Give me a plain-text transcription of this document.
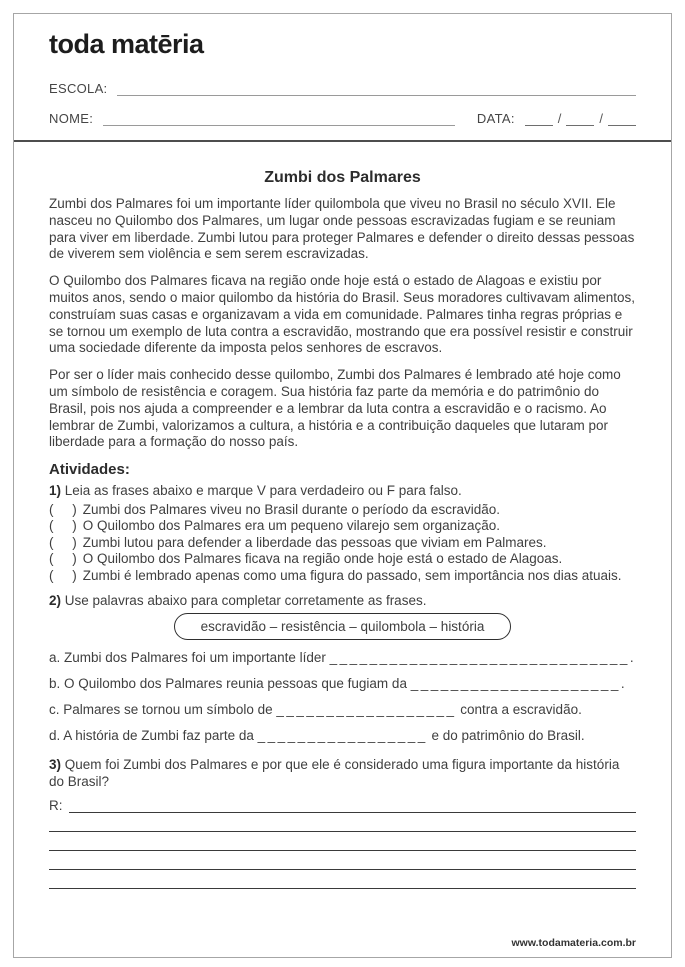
toda matēria
ESCOLA:
NOME:	DATA:	/	/
Zumbi dos Palmares

Zumbi dos Palmares foi um importante líder quilombola que viveu no Brasil no século XVII. Ele nasceu no Quilombo dos Palmares, um lugar onde pessoas escravizadas fugiam e se reuniam para viver em liberdade. Zumbi lutou para proteger Palmares e defender o direito dessas pessoas de viverem sem violência e sem serem escravizadas.

O Quilombo dos Palmares ficava na região onde hoje está o estado de Alagoas e existiu por muitos anos, sendo o maior quilombo da história do Brasil. Seus moradores cultivavam alimentos, construíam suas casas e organizavam a vida em comunidade. Palmares tinha regras próprias e se tornou um exemplo de luta contra a escravidão, mostrando que era possível resistir e construir uma sociedade diferente da imposta pelos senhores de escravos.

Por ser o líder mais conhecido desse quilombo, Zumbi dos Palmares é lembrado até hoje como um símbolo de resistência e coragem. Sua história faz parte da memória e do patrimônio do Brasil, pois nos ajuda a compreender e a lembrar da luta contra a escravidão e o racismo. Ao lembrar de Zumbi, valorizamos a cultura, a história e a contribuição daqueles que lutaram por liberdade para a formação do nosso país.

Atividades:
1) Leia as frases abaixo e marque V para verdadeiro ou F para falso.
(     ) Zumbi dos Palmares viveu no Brasil durante o período da escravidão.
(     ) O Quilombo dos Palmares era um pequeno vilarejo sem organização.
(     ) Zumbi lutou para defender a liberdade das pessoas que viviam em Palmares.
(     ) O Quilombo dos Palmares ficava na região onde hoje está o estado de Alagoas.
(     ) Zumbi é lembrado apenas como uma figura do passado, sem importância nos dias atuais.
2) Use palavras abaixo para completar corretamente as frases.
escravidão – resistência – quilombola – história
a. Zumbi dos Palmares foi um importante líder ______________________________.
b. O Quilombo dos Palmares reunia pessoas que fugiam da _____________________.
c. Palmares se tornou um símbolo de __________________ contra a escravidão.
d. A história de Zumbi faz parte da _________________ e do patrimônio do Brasil.
3) Quem foi Zumbi dos Palmares e por que ele é considerado uma figura importante da história do Brasil?
R:
www.todamateria.com.br
